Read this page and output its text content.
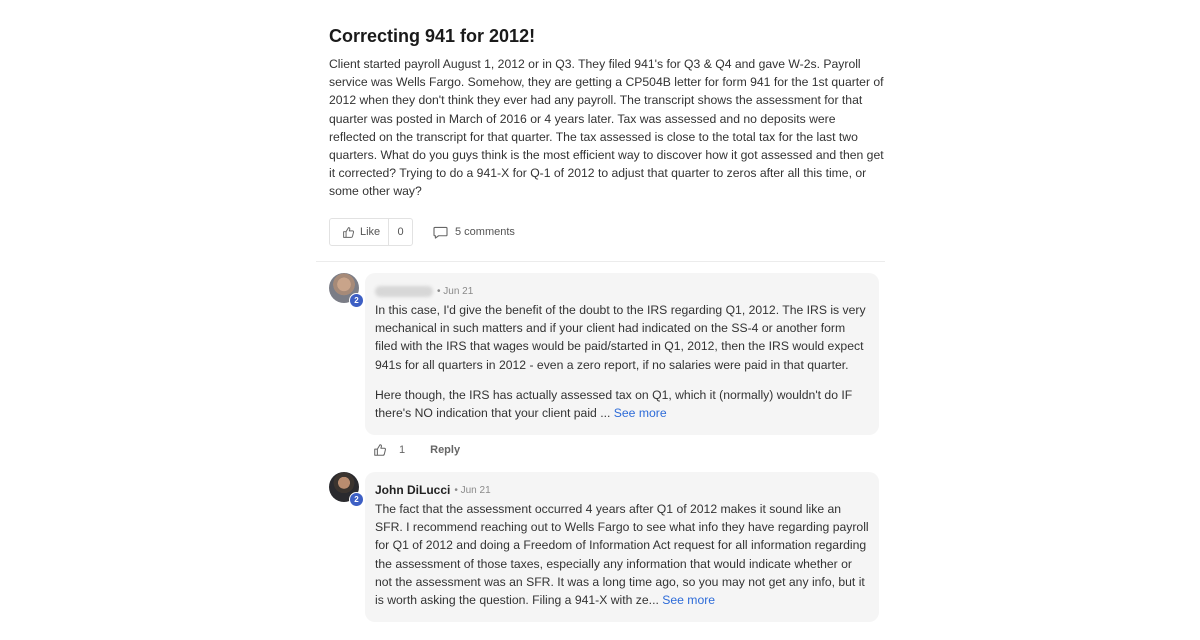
Correcting 941 for 2012!

Client started payroll August 1, 2012 or in Q3. They filed 941's for Q3 & Q4 and gave W-2s. Payroll service was Wells Fargo. Somehow, they are getting a CP504B letter for form 941 for the 1st quarter of 2012 when they don't think they ever had any payroll. The transcript shows the assessment for that quarter was posted in March of 2016 or 4 years later. Tax was assessed and no deposits were reflected on the transcript for that quarter. The tax assessed is close to the total tax for the last two quarters. What do you guys think is the most efficient way to discover how it got assessed and then get it corrected? Trying to do a 941-X for Q-1 of 2012 to adjust that quarter to zeros after all this time, or some other way?

Like	0	5 comments
2
• Jun 21

In this case, I'd give the benefit of the doubt to the IRS regarding Q1, 2012. The IRS is very mechanical in such matters and if your client had indicated on the SS-4 or another form filed with the IRS that wages would be paid/started in Q1, 2012, then the IRS would expect 941s for all quarters in 2012 - even a zero report, if no salaries were paid in that quarter.

Here though, the IRS has actually assessed tax on Q1, which it (normally) wouldn't do IF there's NO indication that your client paid ... See more

1 Reply
2
John DiLucci • Jun 21

The fact that the assessment occurred 4 years after Q1 of 2012 makes it sound like an SFR. I recommend reaching out to Wells Fargo to see what info they have regarding payroll for Q1 of 2012 and doing a Freedom of Information Act request for all information regarding the assessment of those taxes, especially any information that would indicate whether or not the assessment was an SFR. It was a long time ago, so you may not get any info, but it is worth asking the question. Filing a 941-X with ze... See more
